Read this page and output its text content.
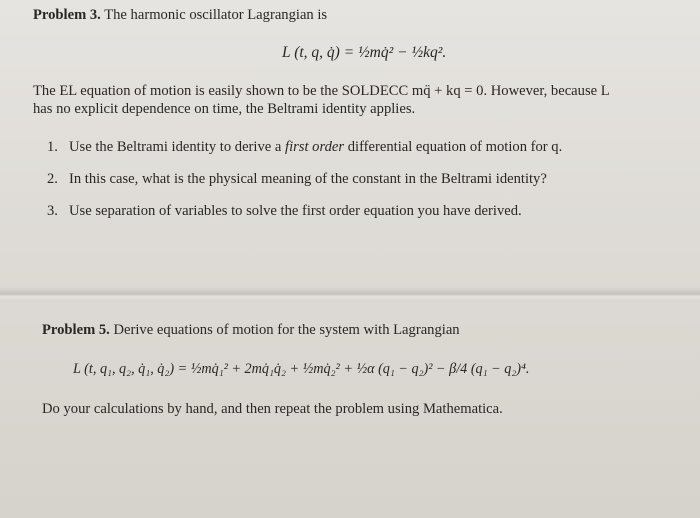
Problem 3. The harmonic oscillator Lagrangian is
L (t, q, q̇) = ½mq̇² − ½kq².
The EL equation of motion is easily shown to be the SOLDECC mq̈ + kq = 0. However, because L
has no explicit dependence on time, the Beltrami identity applies.
1. Use the Beltrami identity to derive a first order differential equation of motion for q.
2. In this case, what is the physical meaning of the constant in the Beltrami identity?
3. Use separation of variables to solve the first order equation you have derived.
Problem 5. Derive equations of motion for the system with Lagrangian
L (t, q₁, q₂, q̇₁, q̇₂) = ½mq̇₁² + 2mq̇₁q̇₂ + ½mq̇₂² + ½α (q₁ − q₂)² − β/4 (q₁ − q₂)⁴.
Do your calculations by hand, and then repeat the problem using Mathematica.
